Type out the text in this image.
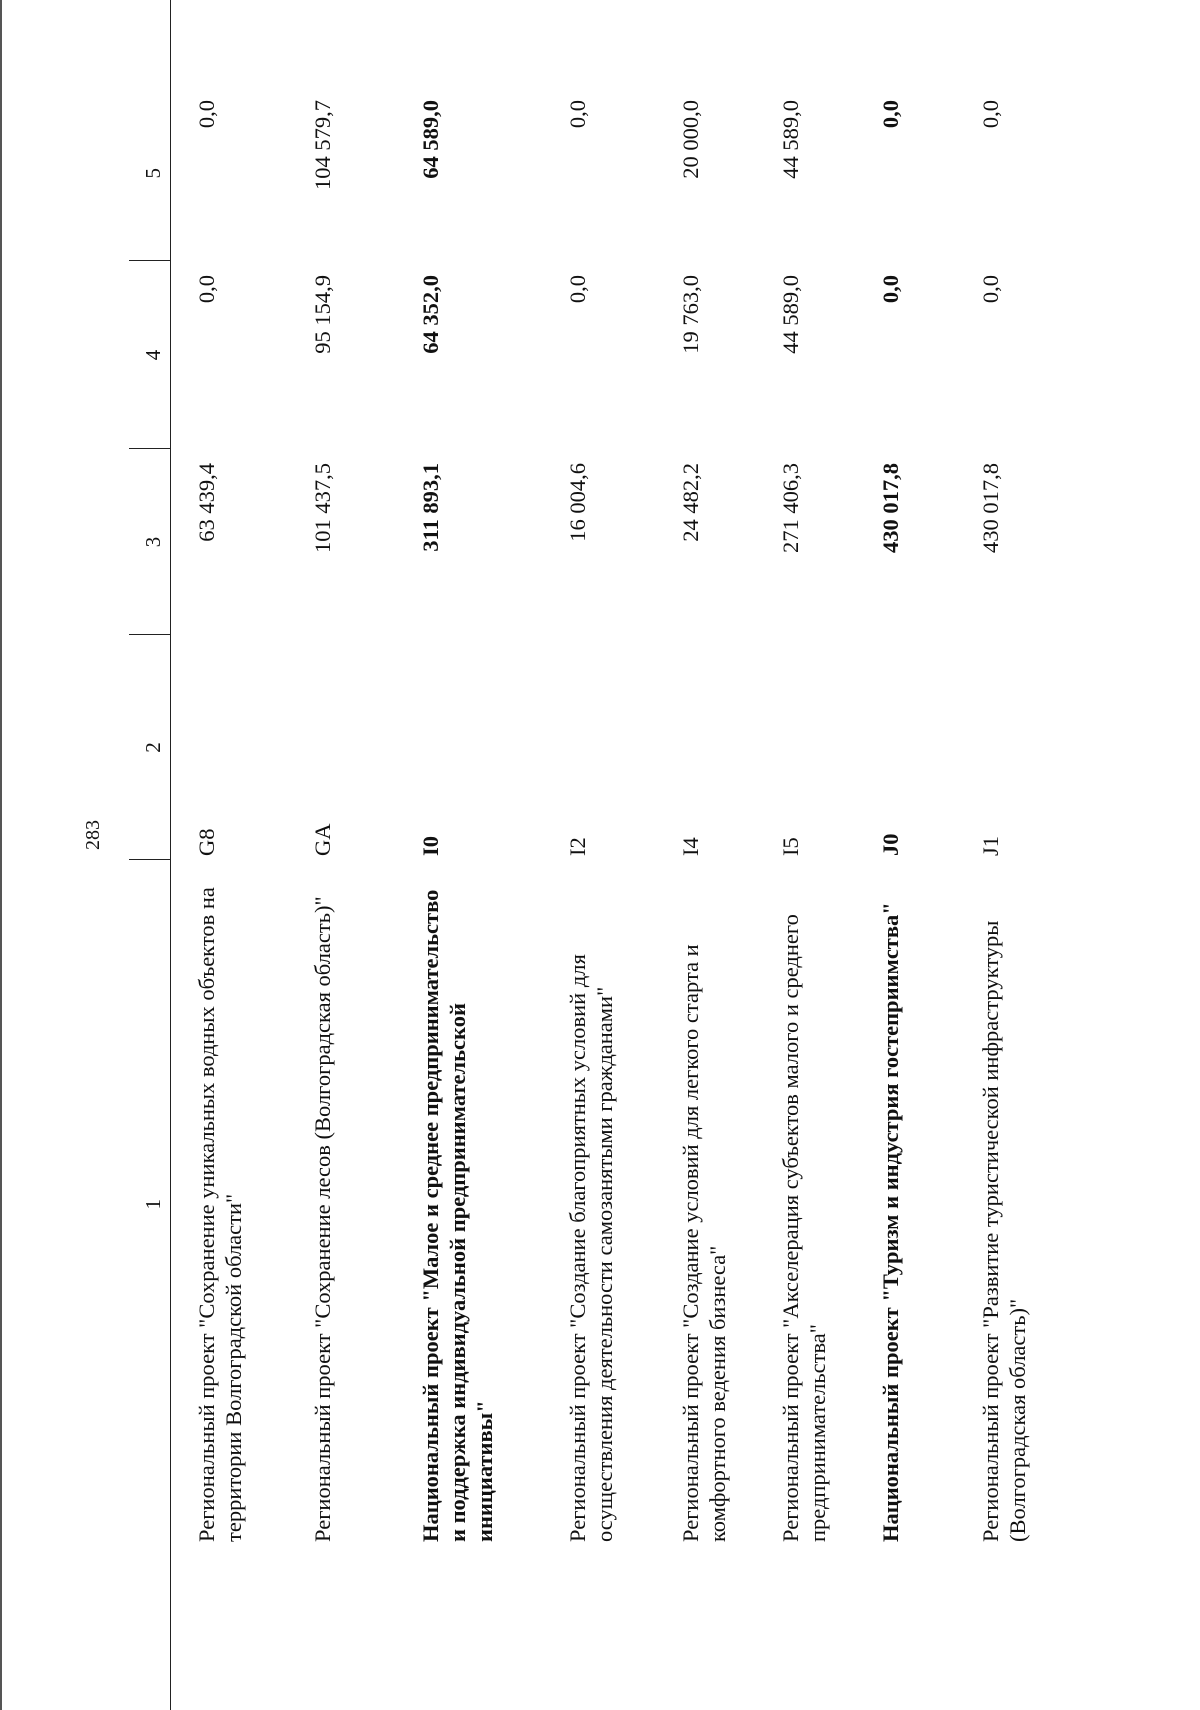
283

	1	2	3	4	5	

	Региональный проект "Сохранение уникальных водных объектов на территории Волгоградской области"	G8	63 439,4	0,0	0,0	
	Региональный проект "Сохранение лесов (Волгоградская область)"	GA	101 437,5	95 154,9	104 579,7	
	Национальный проект "Малое и среднее предпринимательство и поддержка индивидуальной предпринимательской инициативы"	I0	311 893,1	64 352,0	64 589,0	
	Региональный проект "Создание благоприятных условий для осуществления деятельности самозанятыми гражданами"	I2	16 004,6	0,0	0,0	
	Региональный проект "Создание условий для легкого старта и комфортного ведения бизнеса"	I4	24 482,2	19 763,0	20 000,0	
	Региональный проект "Акселерация субъектов малого и среднего предпринимательства"	I5	271 406,3	44 589,0	44 589,0	
	Национальный проект "Туризм и индустрия гостеприимства"	J0	430 017,8	0,0	0,0	
	Региональный проект "Развитие туристической инфраструктуры (Волгоградская область)"	J1	430 017,8	0,0	0,0	
